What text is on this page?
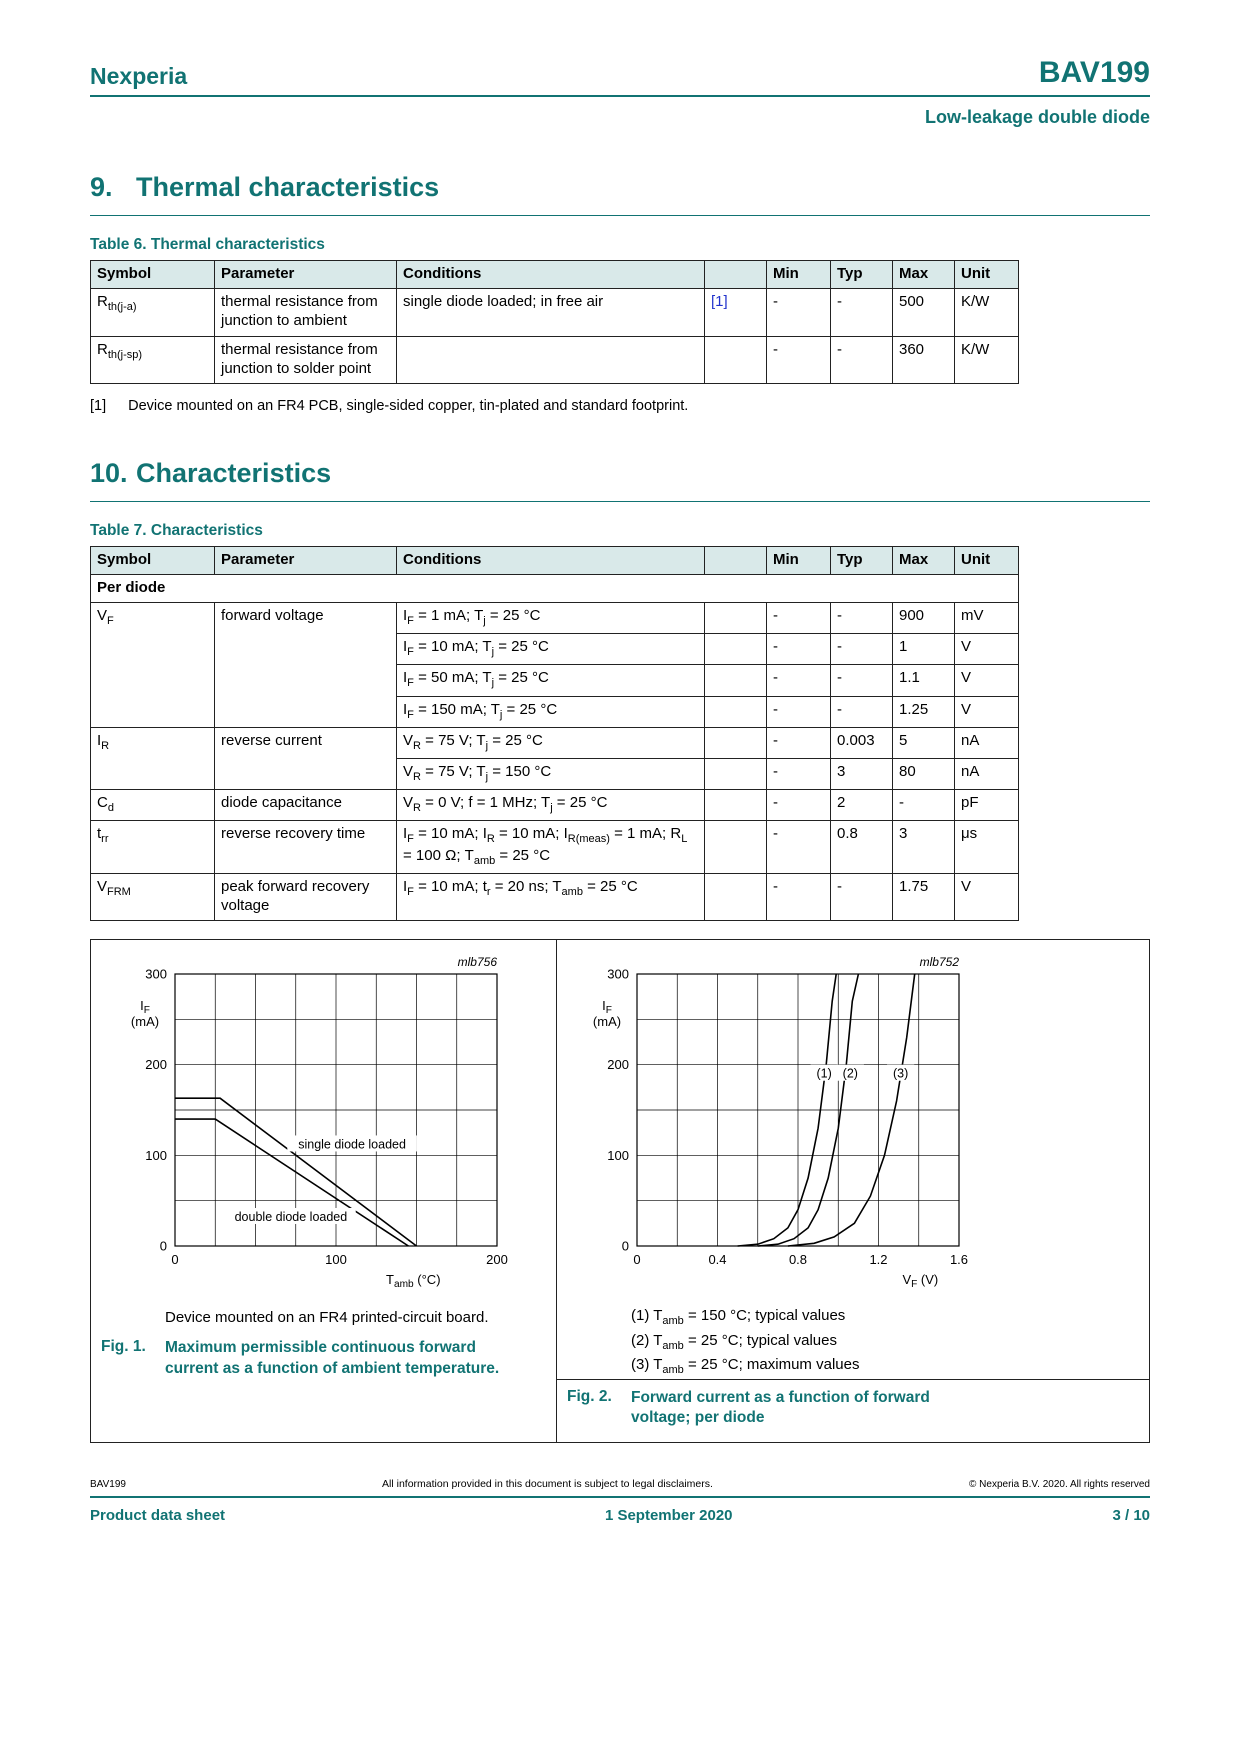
Nexperia	BAV199
Low-leakage double diode
9. Thermal characteristics
Table 6. Thermal characteristics
Symbol	Parameter	Conditions		Min	Typ	Max	Unit
$R_{th(j-a)}$	thermal resistance from junction to ambient	single diode loaded; in free air	[1]	-	-	500	K/W
$R_{th(j-sp)}$	thermal resistance from junction to solder point			-	-	360	K/W
[1] Device mounted on an FR4 PCB, single-sided copper, tin-plated and standard footprint.
10. Characteristics
Table 7. Characteristics
Symbol	Parameter	Conditions		Min	Typ	Max	Unit
Per diode							
$V_F$	forward voltage	$I_F = 1$ mA; $T_j = 25$ °C		-	-	900	mV
		$I_F = 10$ mA; $T_j = 25$ °C		-	-	1	V
		$I_F = 50$ mA; $T_j = 25$ °C		-	-	1.1	V
		$I_F = 150$ mA; $T_j = 25$ °C		-	-	1.25	V
$I_R$	reverse current	$V_R = 75$ V; $T_j = 25$ °C		-	0.003	5	nA
		$V_R = 75$ V; $T_j = 150$ °C		-	3	80	nA
$C_d$	diode capacitance	$V_R = 0$ V; f = 1 MHz; $T_j = 25$ °C		-	2	-	pF
$t_{rr}$	reverse recovery time	$I_F = 10$ mA; $I_R = 10$ mA; $I_{R(meas)} = 1$ mA; $R_L = 100$ Ω; $T_{amb} = 25$ °C		-	0.8	3	μs
$V_{FRM}$	peak forward recovery voltage	$I_F = 10$ mA; $t_r = 20$ ns; $T_{amb} = 25$ °C		-	-	1.75	V
0	100	200
0
100
200
300
single diode loaded
double diode loaded
mlb756
$I_F$
(mA)
$T_{amb}$ (°C)
Device mounted on an FR4 printed-circuit board.
Fig. 1.	Maximum permissible continuous forward current as a function of ambient temperature.
0	0.4	0.8	1.2	1.6
0
100
200
300
(1) (2)	(3)
mlb752
$I_F$
(mA)
$V_F$ (V)
(1) $T_{amb} = 150$ °C; typical values
(2) $T_{amb} = 25$ °C; typical values
(3) $T_{amb} = 25$ °C; maximum values
Fig. 2.	Forward current as a function of forward voltage; per diode
BAV199	All information provided in this document is subject to legal disclaimers.	© Nexperia B.V. 2020. All rights reserved
Product data sheet	1 September 2020	3 / 10
